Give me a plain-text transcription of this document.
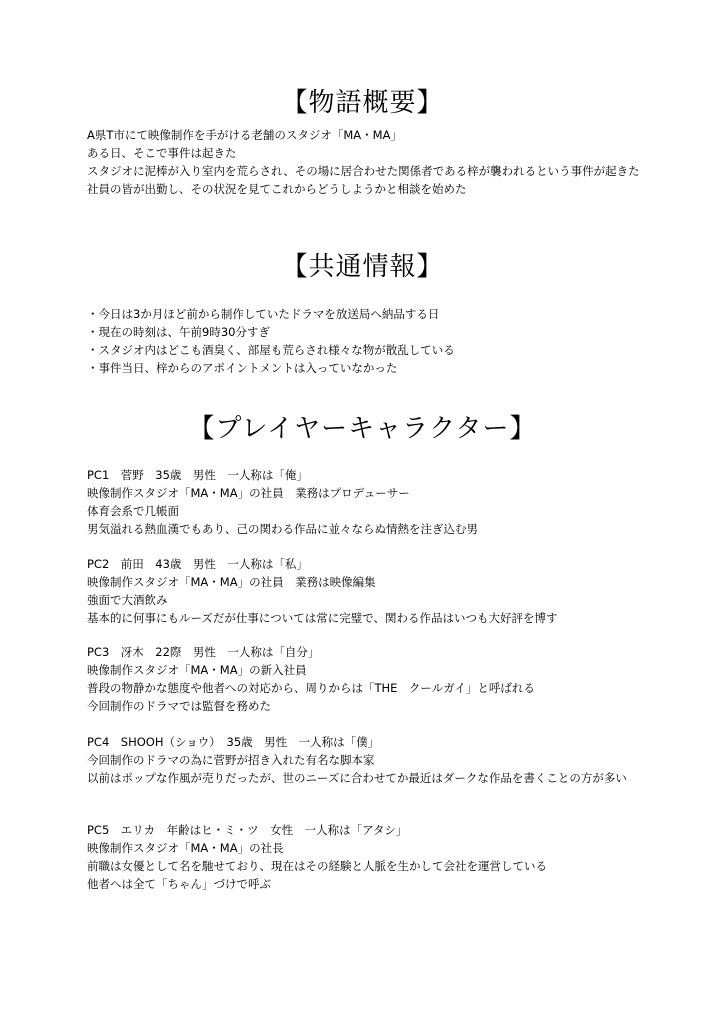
【物語概要】
A県T市にて映像制作を手がける老舗のスタジオ「MA・MA」
ある日、そこで事件は起きた
スタジオに泥棒が入り室内を荒らされ、その場に居合わせた関係者である梓が襲われるという事件が起きた
社員の皆が出勤し、その状況を見てこれからどうしようかと相談を始めた
【共通情報】
・今日は3か月ほど前から制作していたドラマを放送局へ納品する日
・現在の時刻は、午前9時30分すぎ
・スタジオ内はどこも酒臭く、部屋も荒らされ様々な物が散乱している
・事件当日、梓からのアポイントメントは入っていなかった
【プレイヤーキャラクター】
PC1　菅野　35歳　男性　一人称は「俺」
映像制作スタジオ「MA・MA」の社員　業務はプロデューサー
体育会系で几帳面
男気溢れる熱血漢でもあり、己の関わる作品に並々ならぬ情熱を注ぎ込む男
PC2　前田　43歳　男性　一人称は「私」
映像制作スタジオ「MA・MA」の社員　業務は映像編集
強面で大酒飲み
基本的に何事にもルーズだが仕事については常に完璧で、関わる作品はいつも大好評を博す
PC3　冴木　22際　男性　一人称は「自分」
映像制作スタジオ「MA・MA」の新入社員
普段の物静かな態度や他者への対応から、周りからは「THE　クールガイ」と呼ばれる
今回制作のドラマでは監督を務めた
PC4　SHOOH（ショウ）　35歳　男性　一人称は「僕」
今回制作のドラマの為に菅野が招き入れた有名な脚本家
以前はポップな作風が売りだったが、世のニーズに合わせてか最近はダークな作品を書くことの方が多い
PC5　エリカ　年齢はヒ・ミ・ツ　女性　一人称は「アタシ」
映像制作スタジオ「MA・MA」の社長
前職は女優として名を馳せており、現在はその経験と人脈を生かして会社を運営している
他者へは全て「ちゃん」づけで呼ぶ
